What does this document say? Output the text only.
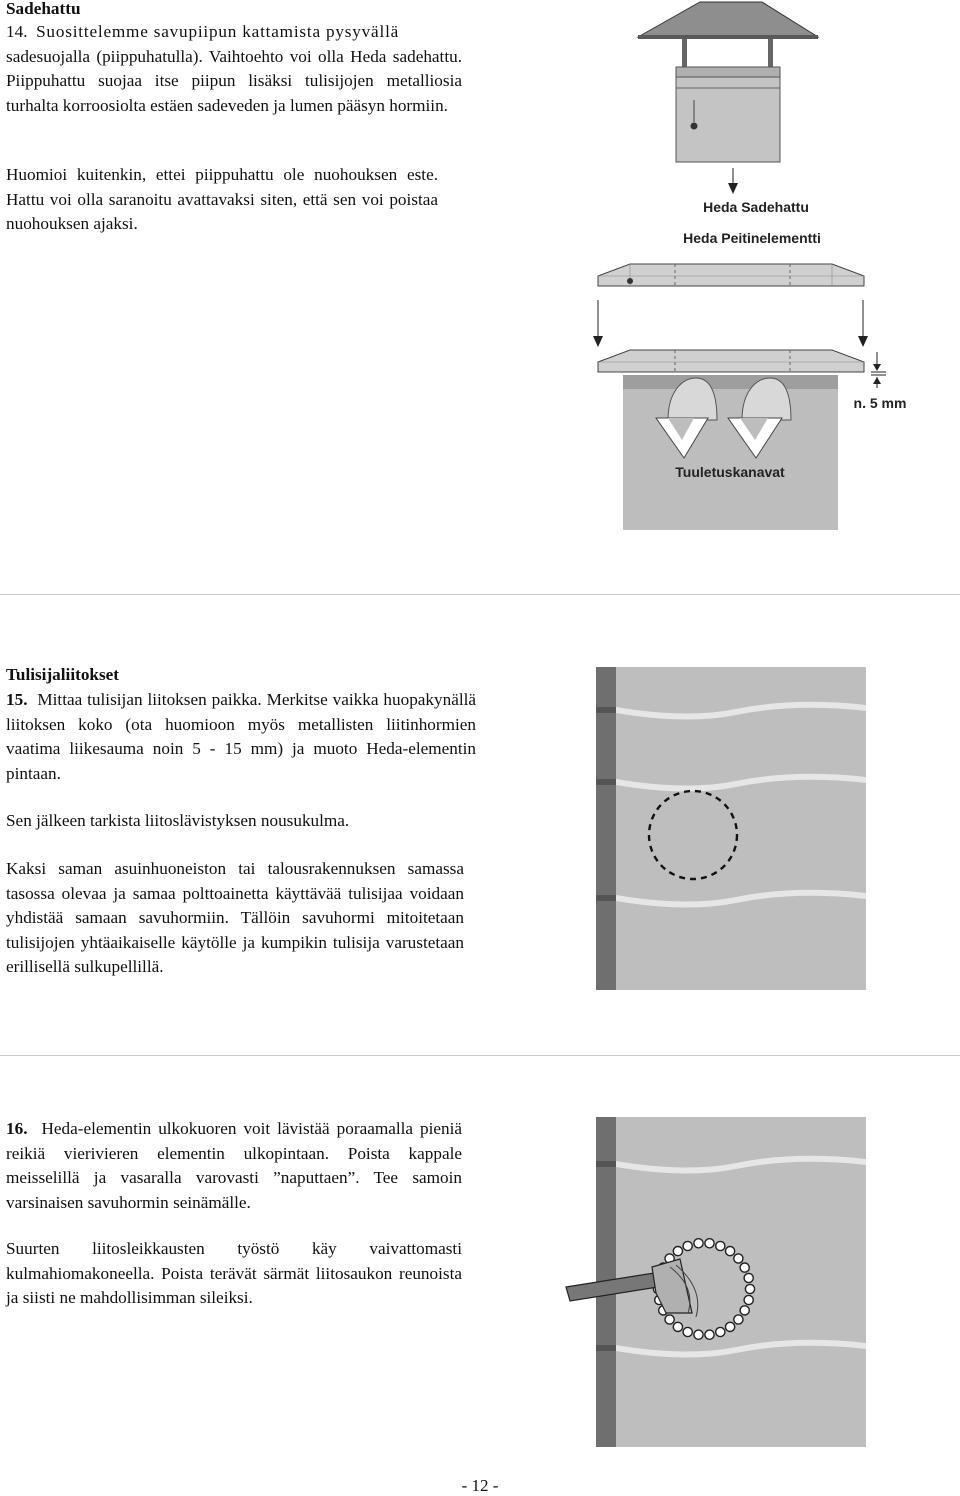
Sadehattu

14. Suosittelemme savupiipun kattamista pysyvällä

sadesuojalla (piippuhatulla). Vaihtoehto voi olla Heda sadehattu. Piippuhattu suojaa itse piipun lisäksi tulisijojen metalliosia turhalta korroosiolta estäen sadeveden ja lumen pääsyn hormiin.

Huomioi kuitenkin, ettei piippuhattu ole nuohouksen este. Hattu voi olla saranoitu avattavaksi siten, että sen voi poistaa nuohouksen ajaksi.

Heda Sadehattu
Heda Peitinelementti
n. 5 mm
Tuuletuskanavat

Tulisijaliitokset

15. Mittaa tulisijan liitoksen paikka. Merkitse vaikka huopakynällä liitoksen koko (ota huomioon myös metallisten liitinhormien vaatima liikesauma noin 5 - 15 mm) ja muoto Heda-elementin pintaan.

Sen jälkeen tarkista liitoslävistyksen nousukulma.

Kaksi saman asuinhuoneiston tai talousrakennuksen samassa tasossa olevaa ja samaa polttoainetta käyttävää tulisijaa voidaan yhdistää samaan savuhormiin. Tällöin savuhormi mitoitetaan tulisijojen yhtäaikaiselle käytölle ja kumpikin tulisija varustetaan erillisellä sulkupellillä.

16. Heda-elementin ulkokuoren voit lävistää poraamalla pieniä reikiä vierivieren elementin ulkopintaan. Poista kappale meisselillä ja vasaralla varovasti ”naputtaen”. Tee samoin varsinaisen savuhormin seinämälle.

Suurten liitosleikkausten työstö käy vaivattomasti kulmahiomakoneella. Poista terävät särmät liitosaukon reunoista ja siisti ne mahdollisimman sileiksi.

- 12 -
